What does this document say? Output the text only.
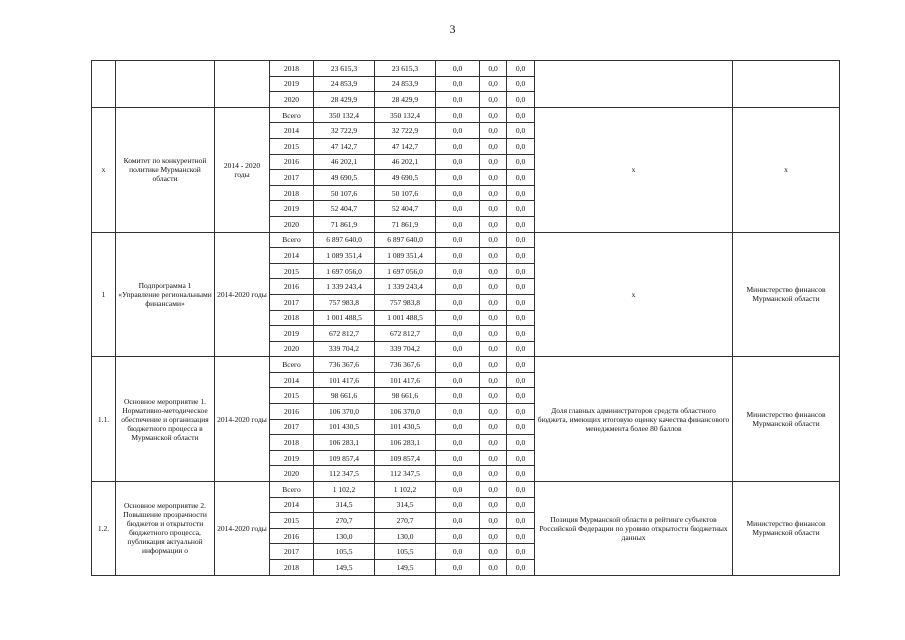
3
			2018	23 615,3	23 615,3	0,0	0,0	0,0		
			2019	24 853,9	24 853,9	0,0	0,0	0,0		
			2020	28 429,9	28 429,9	0,0	0,0	0,0		
х	Комитет по конкурентной политике Мурманской области	2014 - 2020 годы	Всего	350 132,4	350 132,4	0,0	0,0	0,0	х	х
			2014	32 722,9	32 722,9	0,0	0,0	0,0		
			2015	47 142,7	47 142,7	0,0	0,0	0,0		
			2016	46 202,1	46 202,1	0,0	0,0	0,0		
			2017	49 690,5	49 690,5	0,0	0,0	0,0		
			2018	50 107,6	50 107,6	0,0	0,0	0,0		
			2019	52 404,7	52 404,7	0,0	0,0	0,0		
			2020	71 861,9	71 861,9	0,0	0,0	0,0		
1	Подпрограмма 1 «Управление региональными финансами»	2014-2020 годы	Всего	6 897 640,0	6 897 640,0	0,0	0,0	0,0	х	Министерство финансов Мурманской области
			2014	1 089 351,4	1 089 351,4	0,0	0,0	0,0		
			2015	1 697 056,0	1 697 056,0	0,0	0,0	0,0		
			2016	1 339 243,4	1 339 243,4	0,0	0,0	0,0		
			2017	757 983,8	757 983,8	0,0	0,0	0,0		
			2018	1 001 488,5	1 001 488,5	0,0	0,0	0,0		
			2019	672 812,7	672 812,7	0,0	0,0	0,0		
			2020	339 704,2	339 704,2	0,0	0,0	0,0		
1.1.	Основное мероприятие 1. Нормативно-методическое обеспечение и организация бюджетного процесса в Мурманской области	2014-2020 годы	Всего	736 367,6	736 367,6	0,0	0,0	0,0	Доля главных администраторов средств областного бюджета, имеющих итоговую оценку качества финансового менеджмента более 80 баллов	Министерство финансов Мурманской области
			2014	101 417,6	101 417,6	0,0	0,0	0,0		
			2015	98 661,6	98 661,6	0,0	0,0	0,0		
			2016	106 370,0	106 370,0	0,0	0,0	0,0		
			2017	101 430,5	101 430,5	0,0	0,0	0,0		
			2018	106 283,1	106 283,1	0,0	0,0	0,0		
			2019	109 857,4	109 857,4	0,0	0,0	0,0		
			2020	112 347,5	112 347,5	0,0	0,0	0,0		
1.2.	Основное мероприятие 2. Повышение прозрачности бюджетов и открытости бюджетного процесса, публикация актуальной информации о	2014-2020 годы	Всего	1 102,2	1 102,2	0,0	0,0	0,0	Позиция Мурманской области в рейтинге субъектов Российской Федерации по уровню открытости бюджетных данных	Министерство финансов Мурманской области
			2014	314,5	314,5	0,0	0,0	0,0		
			2015	270,7	270,7	0,0	0,0	0,0		
			2016	130,0	130,0	0,0	0,0	0,0		
			2017	105,5	105,5	0,0	0,0	0,0		
			2018	149,5	149,5	0,0	0,0	0,0		
